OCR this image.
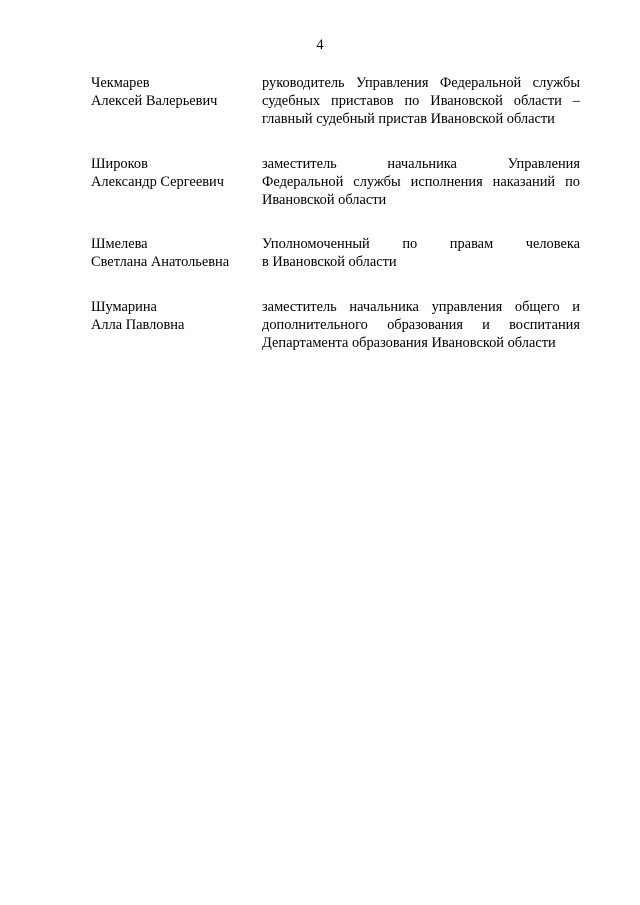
4
Чекмарев
Алексей Валерьевич
руководитель Управления Федеральной службы
судебных приставов по Ивановской области –
главный судебный пристав Ивановской области
Широков
Александр Сергеевич
заместитель начальника Управления
Федеральной службы исполнения наказаний по
Ивановской области
Шмелева
Светлана Анатольевна
Уполномоченный по правам человека
в Ивановской области
Шумарина
Алла Павловна
заместитель начальника управления общего и
дополнительного образования и воспитания
Департамента образования Ивановской области
